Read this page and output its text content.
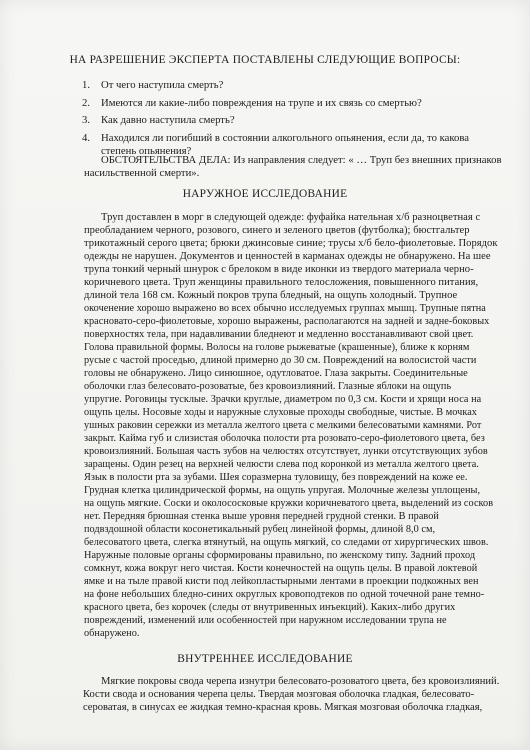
НА РАЗРЕШЕНИЕ ЭКСПЕРТА ПОСТАВЛЕНЫ СЛЕДУЮЩИЕ ВОПРОСЫ:
1. От чего наступила смерть?
2. Имеются ли какие-либо повреждения на трупе и их связь со смертью?
3. Как давно наступила смерть?
4. Находился ли погибший в состоянии алкогольного опьянения, если да, то какова
степень опьянения?
ОБСТОЯТЕЛЬСТВА ДЕЛА: Из направления следует: « … Труп без внешних признаков
насильственной смерти».
НАРУЖНОЕ ИССЛЕДОВАНИЕ
Труп доставлен в морг в следующей одежде: фуфайка нательная х/б разноцветная с
преобладанием черного, розового, синего и зеленого цветов (футболка); бюстгальтер
трикотажный серого цвета; брюки джинсовые синие; трусы х/б бело-фиолетовые. Порядок
одежды не нарушен. Документов и ценностей в карманах одежды не обнаружено. На шее
трупа тонкий черный шнурок с брелоком в виде иконки из твердого материала черно-
коричневого цвета. Труп женщины правильного телосложения, повышенного питания,
длиной тела 168 см. Кожный покров трупа бледный, на ощупь холодный. Трупное
окоченение хорошо выражено во всех обычно исследуемых группах мышц. Трупные пятна
красновато-серо-фиолетовые, хорошо выражены, располагаются на задней и задне-боковых
поверхностях тела, при надавливании бледнеют и медленно восстанавливают свой цвет.
Голова правильной формы. Волосы на голове рыжеватые (крашенные), ближе к корням
русые с частой проседью, длиной примерно до 30 см. Повреждений на волосистой части
головы не обнаружено. Лицо синюшное, одутловатое. Глаза закрыты. Соединительные
оболочки глаз белесовато-розоватые, без кровоизлияний. Глазные яблоки на ощупь
упругие. Роговицы тусклые. Зрачки круглые, диаметром по 0,3 см. Кости и хрящи носа на
ощупь целы. Носовые ходы и наружные слуховые проходы свободные, чистые. В мочках
ушных раковин сережки из металла желтого цвета с мелкими белесоватыми камнями. Рот
закрыт. Кайма губ и слизистая оболочка полости рта розовато-серо-фиолетового цвета, без
кровоизлияний. Большая часть зубов на челюстях отсутствует, лунки отсутствующих зубов
заращены. Один резец на верхней челюсти слева под коронкой из металла желтого цвета.
Язык в полости рта за зубами. Шея соразмерна туловищу, без повреждений на коже ее.
Грудная клетка цилиндрической формы, на ощупь упругая. Молочные железы уплощены,
на ощупь мягкие. Соски и околососковые кружки коричневатого цвета, выделений из сосков
нет. Передняя брюшная стенка выше уровня передней грудной стенки. В правой
подвздошной области косонетикальный рубец линейной формы, длиной 8,0 см,
белесоватого цвета, слегка втянутый, на ощупь мягкий, со следами от хирургических швов.
Наружные половые органы сформированы правильно, по женскому типу. Задний проход
сомкнут, кожа вокруг него чистая. Кости конечностей на ощупь целы. В правой локтевой
ямке и на тыле правой кисти под лейкопластырными лентами в проекции подкожных вен
на фоне небольших бледно-синих округлых кровоподтеков по одной точечной ране темно-
красного цвета, без корочек (следы от внутривенных инъекций). Каких-либо других
повреждений, изменений или особенностей при наружном исследовании трупа не
обнаружено.
ВНУТРЕННЕЕ ИССЛЕДОВАНИЕ
Мягкие покровы свода черепа изнутри белесовато-розоватого цвета, без кровоизлияний.
Кости свода и основания черепа целы. Твердая мозговая оболочка гладкая, белесовато-
сероватая, в синусах ее жидкая темно-красная кровь. Мягкая мозговая оболочка гладкая,
